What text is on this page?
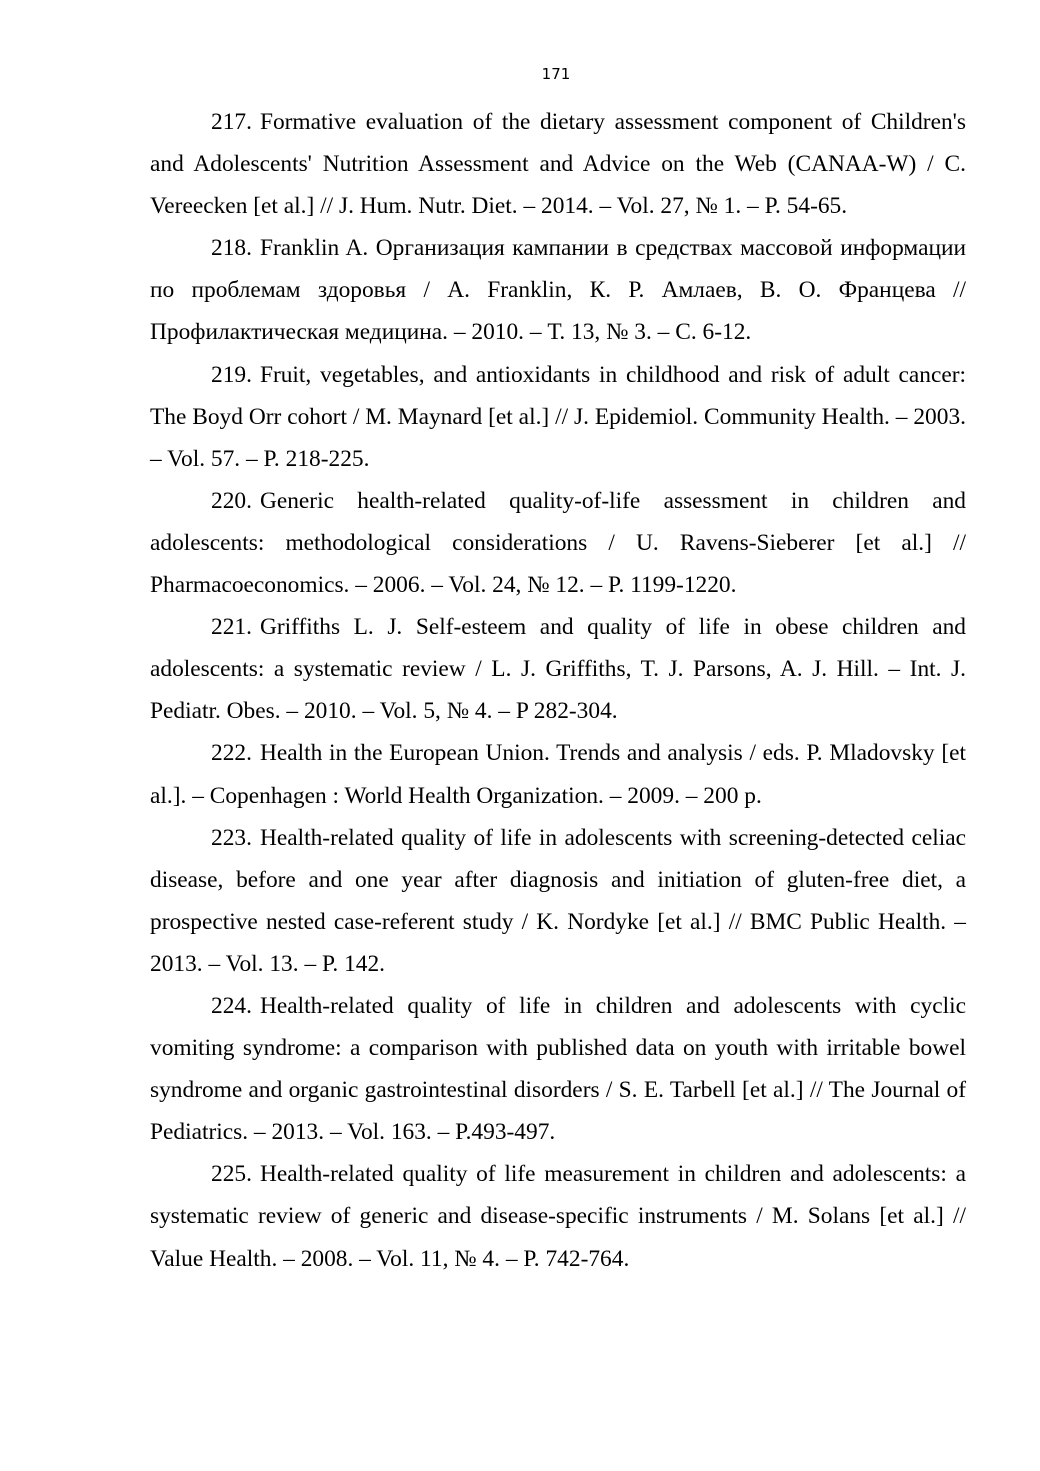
171
217. Formative evaluation of the dietary assessment component of Children's and Adolescents' Nutrition Assessment and Advice on the Web (CANAA-W) / C. Vereecken [et al.] // J. Hum. Nutr. Diet. – 2014. – Vol. 27, № 1. – P. 54-65.
218. Franklin A. Организация кампании в средствах массовой информации по проблемам здоровья / A. Franklin, К. Р. Амлаев, В. О. Францева // Профилактическая медицина. – 2010. – Т. 13, № 3. – С. 6-12.
219. Fruit, vegetables, and antioxidants in childhood and risk of adult cancer: The Boyd Orr cohort / M. Maynard [et al.] // J. Epidemiol. Community Health. – 2003. – Vol. 57. – P. 218-225.
220. Generic health-related quality-of-life assessment in children and adolescents: methodological considerations / U. Ravens-Sieberer [et al.] // Pharmacoeconomics. – 2006. – Vol. 24, № 12. – P. 1199-1220.
221. Griffiths L. J. Self-esteem and quality of life in obese children and adolescents: a systematic review / L. J. Griffiths, T. J. Parsons, A. J. Hill. – Int. J. Pediatr. Obes. – 2010. – Vol. 5, № 4. – P 282-304.
222. Health in the European Union. Trends and analysis / eds. P. Mladovsky [et al.]. – Copenhagen : World Health Organization. – 2009. – 200 p.
223. Health-related quality of life in adolescents with screening-detected celiac disease, before and one year after diagnosis and initiation of gluten-free diet, a prospective nested case-referent study / K. Nordyke [et al.] // BMC Public Health. – 2013. – Vol. 13. – P. 142.
224. Health-related quality of life in children and adolescents with cyclic vomiting syndrome: a comparison with published data on youth with irritable bowel syndrome and organic gastrointestinal disorders / S. E. Tarbell [et al.] // The Journal of Pediatrics. – 2013. – Vol. 163. – P.493-497.
225. Health-related quality of life measurement in children and adolescents: a systematic review of generic and disease-specific instruments / M. Solans [et al.] // Value Health. – 2008. – Vol. 11, № 4. – P. 742-764.
